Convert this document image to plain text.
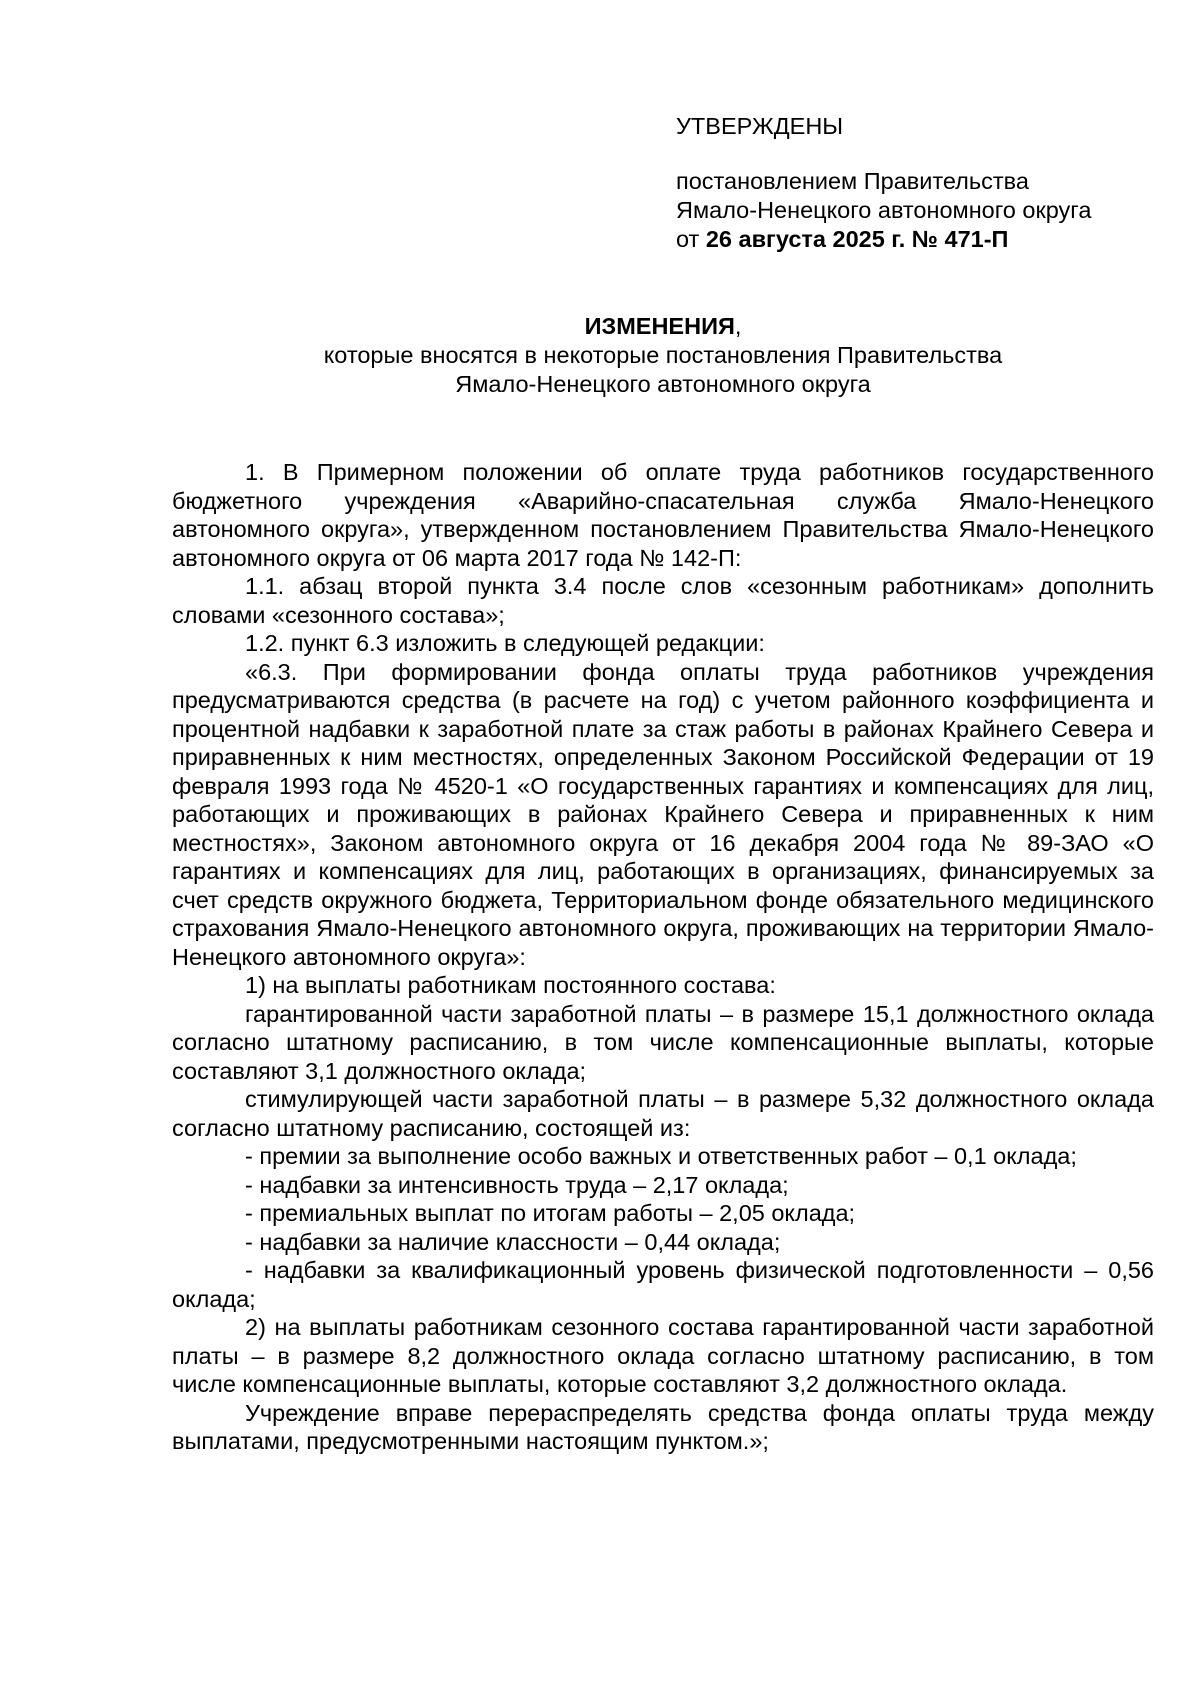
УТВЕРЖДЕНЫ
постановлением Правительства
Ямало-Ненецкого автономного округа
от 26 августа 2025 г. № 471-П
ИЗМЕНЕНИЯ,
которые вносятся в некоторые постановления Правительства
Ямало-Ненецкого автономного округа

1. В Примерном положении об оплате труда работников государственного бюджетного учреждения «Аварийно-спасательная служба Ямало-Ненецкого автономного округа», утвержденном постановлением Правительства Ямало-Ненецкого автономного округа от 06 марта 2017 года № 142-П:

1.1. абзац второй пункта 3.4 после слов «сезонным работникам» дополнить словами «сезонного состава»;

1.2. пункт 6.3 изложить в следующей редакции:

«6.3. При формировании фонда оплаты труда работников учреждения предусматриваются средства (в расчете на год) с учетом районного коэффициента и процентной надбавки к заработной плате за стаж работы в районах Крайнего Севера и приравненных к ним местностях, определенных Законом Российской Федерации от 19 февраля 1993 года № 4520-1 «О государственных гарантиях и компенсациях для лиц, работающих и проживающих в районах Крайнего Севера и приравненных к ним местностях», Законом автономного округа от 16 декабря 2004 года № 89-ЗАО «О гарантиях и компенсациях для лиц, работающих в организациях, финансируемых за счет средств окружного бюджета, Территориальном фонде обязательного медицинского страхования Ямало-Ненецкого автономного округа, проживающих на территории Ямало-Ненецкого автономного округа»:

1) на выплаты работникам постоянного состава:

гарантированной части заработной платы – в размере 15,1 должностного оклада согласно штатному расписанию, в том числе компенсационные выплаты, которые составляют 3,1 должностного оклада;

стимулирующей части заработной платы – в размере 5,32 должностного оклада согласно штатному расписанию, состоящей из:

- премии за выполнение особо важных и ответственных работ – 0,1 оклада;

- надбавки за интенсивность труда – 2,17 оклада;

- премиальных выплат по итогам работы – 2,05 оклада;

- надбавки за наличие классности – 0,44 оклада;

- надбавки за квалификационный уровень физической подготовленности – 0,56 оклада;

2) на выплаты работникам сезонного состава гарантированной части заработной платы – в размере 8,2 должностного оклада согласно штатному расписанию, в том числе компенсационные выплаты, которые составляют 3,2 должностного оклада.

Учреждение вправе перераспределять средства фонда оплаты труда между выплатами, предусмотренными настоящим пунктом.»;
